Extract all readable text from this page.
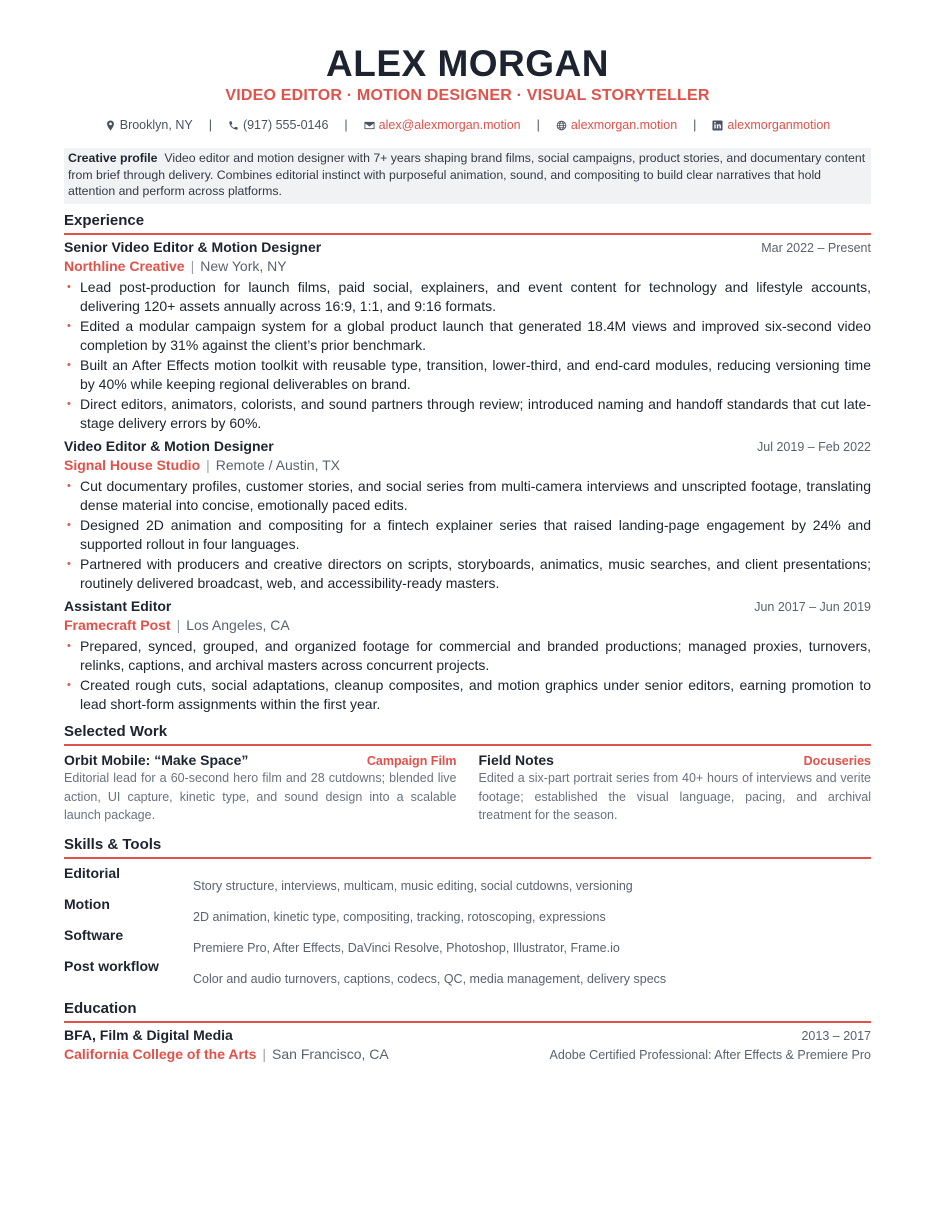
ALEX MORGAN
VIDEO EDITOR · MOTION DESIGNER · VISUAL STORYTELLER
Brooklyn, NY | (917) 555-0146 | alex@alexmorgan.motion | alexmorgan.motion | alexmorganmotion
Creative profile Video editor and motion designer with 7+ years shaping brand films, social campaigns, product stories, and documentary content from brief through delivery. Combines editorial instinct with purposeful animation, sound, and compositing to build clear narratives that hold attention and perform across platforms.
Experience
Senior Video Editor & Motion Designer	Mar 2022 – Present
Northline Creative | New York, NY
• Lead post-production for launch films, paid social, explainers, and event content for technology and lifestyle accounts, delivering 120+ assets annually across 16:9, 1:1, and 9:16 formats.
• Edited a modular campaign system for a global product launch that generated 18.4M views and improved six-second video completion by 31% against the client’s prior benchmark.
• Built an After Effects motion toolkit with reusable type, transition, lower-third, and end-card modules, reducing versioning time by 40% while keeping regional deliverables on brand.
• Direct editors, animators, colorists, and sound partners through review; introduced naming and handoff standards that cut late-stage delivery errors by 60%.
Video Editor & Motion Designer	Jul 2019 – Feb 2022
Signal House Studio | Remote / Austin, TX
• Cut documentary profiles, customer stories, and social series from multi-camera interviews and unscripted footage, translating dense material into concise, emotionally paced edits.
• Designed 2D animation and compositing for a fintech explainer series that raised landing-page engagement by 24% and supported rollout in four languages.
• Partnered with producers and creative directors on scripts, storyboards, animatics, music searches, and client presentations; routinely delivered broadcast, web, and accessibility-ready masters.
Assistant Editor	Jun 2017 – Jun 2019
Framecraft Post | Los Angeles, CA
• Prepared, synced, grouped, and organized footage for commercial and branded productions; managed proxies, turnovers, relinks, captions, and archival masters across concurrent projects.
• Created rough cuts, social adaptations, cleanup composites, and motion graphics under senior editors, earning promotion to lead short-form assignments within the first year.
Selected Work
Orbit Mobile: “Make Space”	Campaign Film
Editorial lead for a 60-second hero film and 28 cutdowns; blended live action, UI capture, kinetic type, and sound design into a scalable launch package.
Field Notes	Docuseries
Edited a six-part portrait series from 40+ hours of interviews and verite footage; established the visual language, pacing, and archival treatment for the season.
Skills & Tools
Editorial
Story structure, interviews, multicam, music editing, social cutdowns, versioning
Motion
2D animation, kinetic type, compositing, tracking, rotoscoping, expressions
Software
Premiere Pro, After Effects, DaVinci Resolve, Photoshop, Illustrator, Frame.io
Post workflow
Color and audio turnovers, captions, codecs, QC, media management, delivery specs
Education
BFA, Film & Digital Media	2013 – 2017
California College of the Arts | San Francisco, CA	Adobe Certified Professional: After Effects & Premiere Pro
